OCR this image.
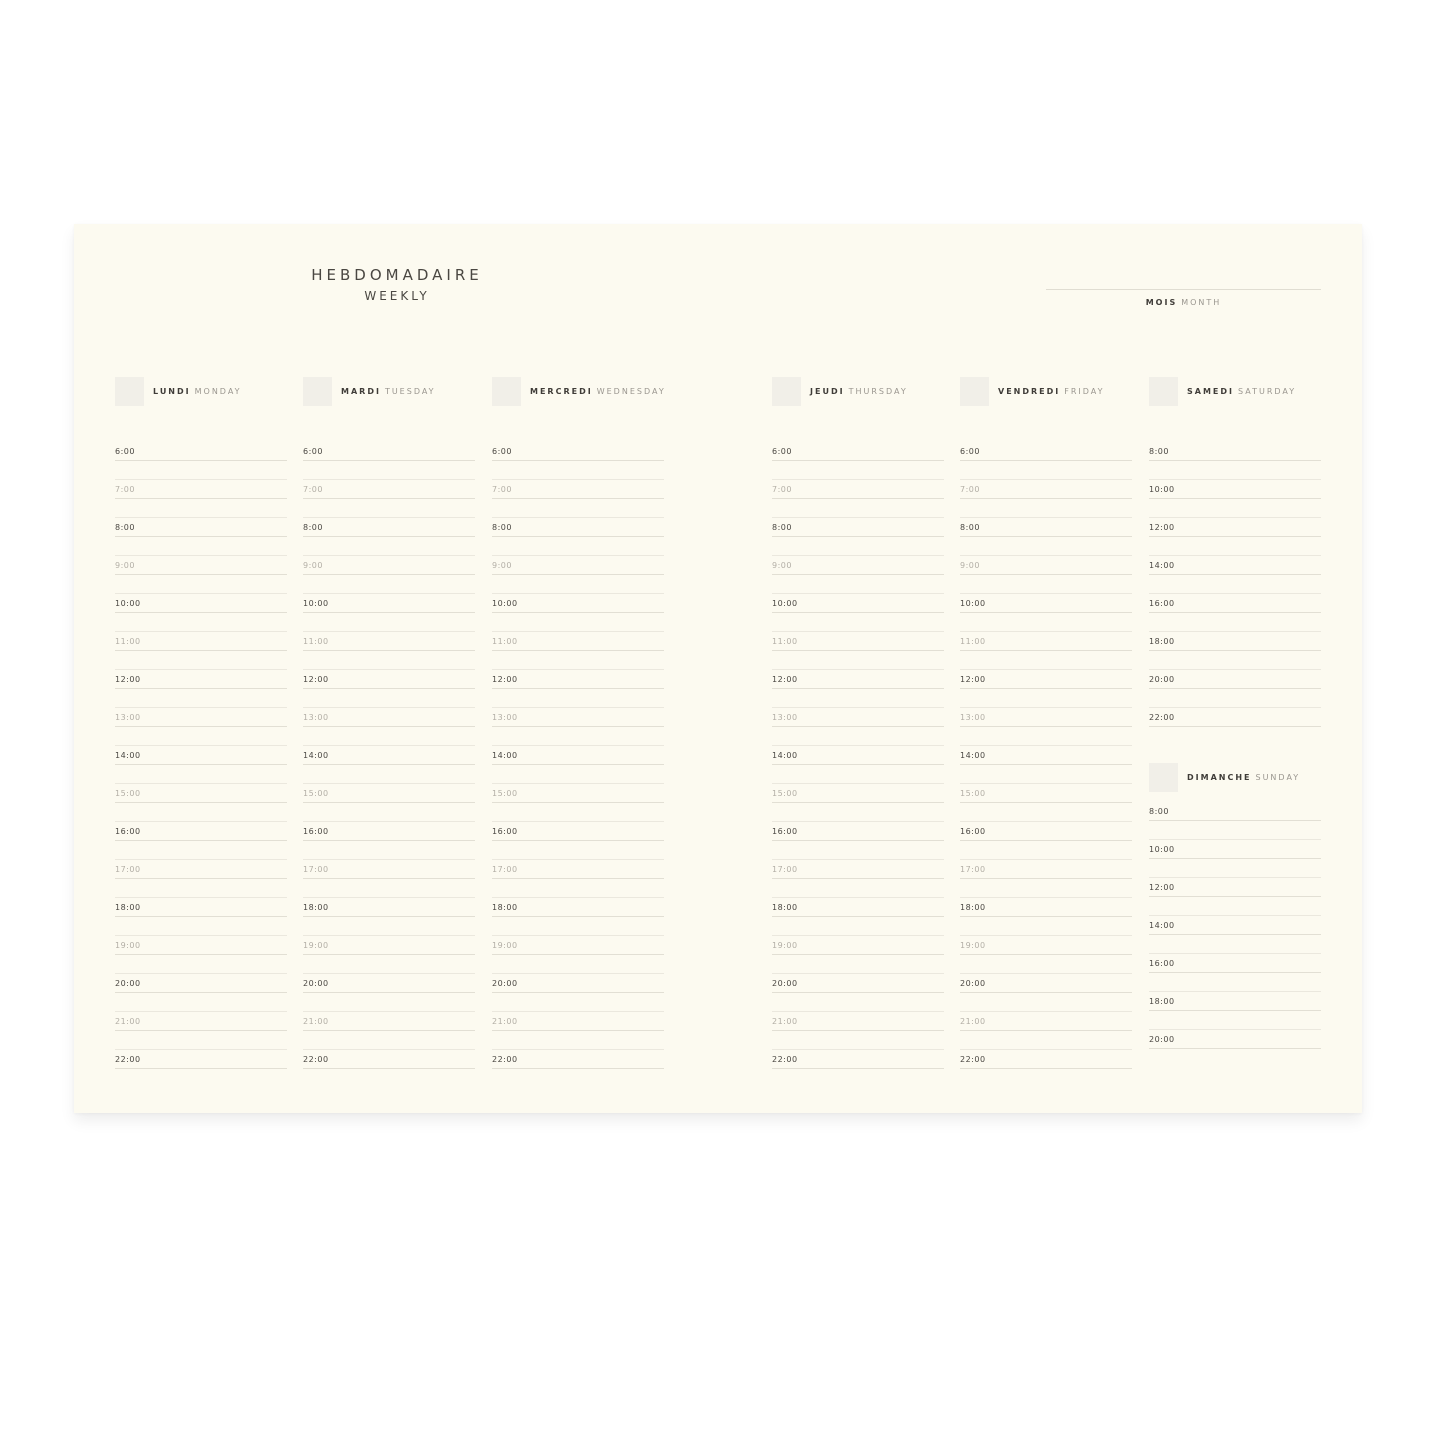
HEBDOMADAIRE
WEEKLY	MOIS MONTH
LUNDI MONDAY
6:00
7:00
8:00
9:00
10:00
11:00
12:00
13:00
14:00
15:00
16:00
17:00
18:00
19:00
20:00
21:00
22:00
MARDI TUESDAY
6:00
7:00
8:00
9:00
10:00
11:00
12:00
13:00
14:00
15:00
16:00
17:00
18:00
19:00
20:00
21:00
22:00
MERCREDI WEDNESDAY
6:00
7:00
8:00
9:00
10:00
11:00
12:00
13:00
14:00
15:00
16:00
17:00
18:00
19:00
20:00
21:00
22:00
JEUDI THURSDAY
6:00
7:00
8:00
9:00
10:00
11:00
12:00
13:00
14:00
15:00
16:00
17:00
18:00
19:00
20:00
21:00
22:00
VENDREDI FRIDAY
6:00
7:00
8:00
9:00
10:00
11:00
12:00
13:00
14:00
15:00
16:00
17:00
18:00
19:00
20:00
21:00
22:00
SAMEDI SATURDAY
8:00
10:00
12:00
14:00
16:00
18:00
20:00
22:00
DIMANCHE SUNDAY
8:00
10:00
12:00
14:00
16:00
18:00
20:00
